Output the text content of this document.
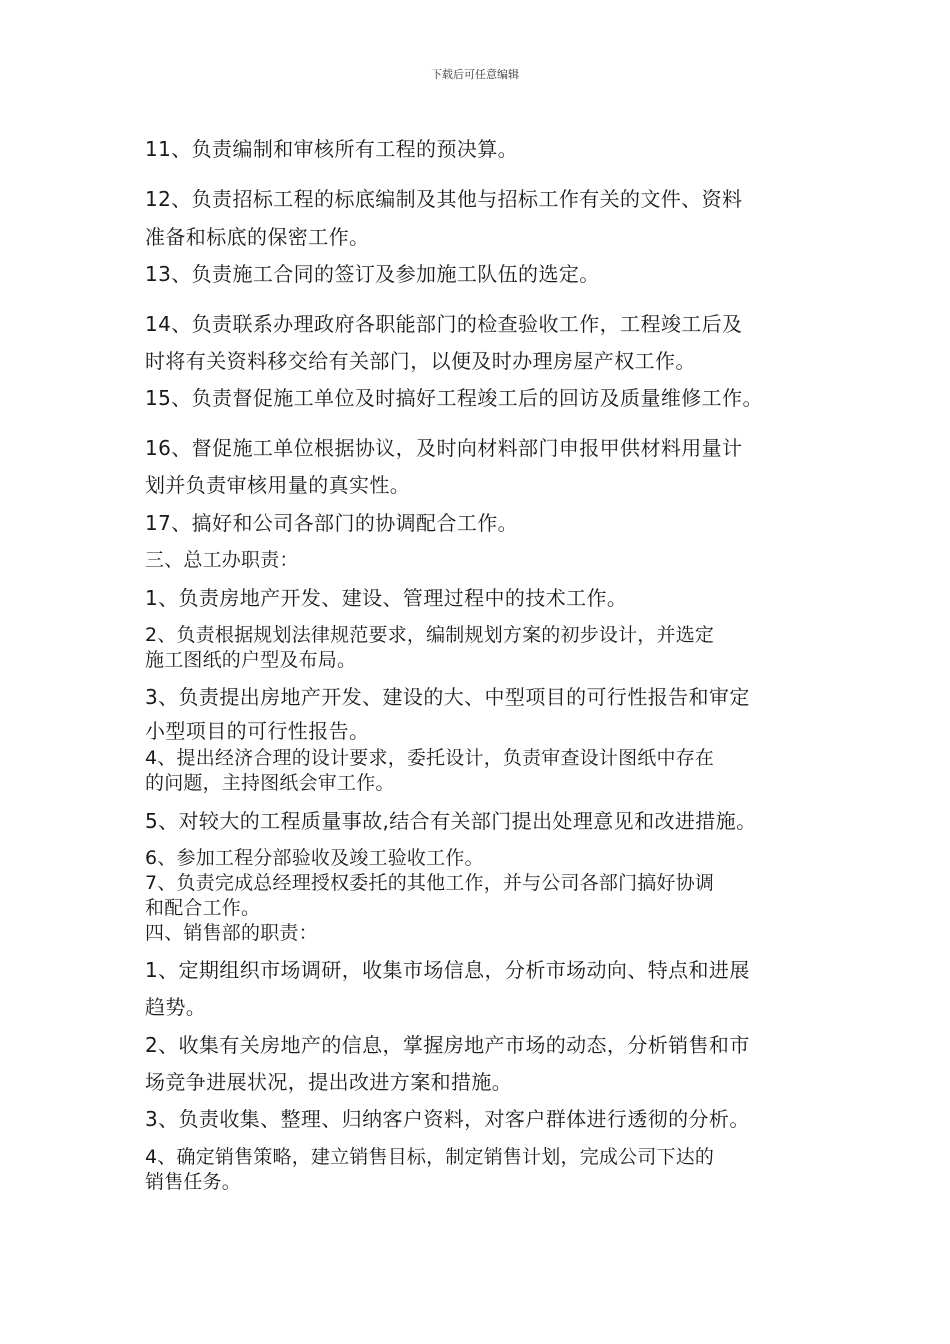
下载后可任意编辑
11、负责编制和审核所有工程的预决算。
12、负责招标工程的标底编制及其他与招标工作有关的文件、资料
准备和标底的保密工作。
13、负责施工合同的签订及参加施工队伍的选定。
14、负责联系办理政府各职能部门的检查验收工作，工程竣工后及
时将有关资料移交给有关部门，以便及时办理房屋产权工作。
15、负责督促施工单位及时搞好工程竣工后的回访及质量维修工作。
16、督促施工单位根据协议，及时向材料部门申报甲供材料用量计
划并负责审核用量的真实性。
17、搞好和公司各部门的协调配合工作。
三、总工办职责：
1、负责房地产开发、建设、管理过程中的技术工作。
2、负责根据规划法律规范要求，编制规划方案的初步设计，并选定
施工图纸的户型及布局。
3、负责提出房地产开发、建设的大、中型项目的可行性报告和审定
小型项目的可行性报告。
4、提出经济合理的设计要求，委托设计，负责审查设计图纸中存在
的问题，主持图纸会审工作。
5、对较大的工程质量事故,结合有关部门提出处理意见和改进措施。
6、参加工程分部验收及竣工验收工作。
7、负责完成总经理授权委托的其他工作，并与公司各部门搞好协调
和配合工作。
四、销售部的职责：
1、定期组织市场调研，收集市场信息，分析市场动向、特点和进展
趋势。
2、收集有关房地产的信息，掌握房地产市场的动态，分析销售和市
场竞争进展状况，提出改进方案和措施。
3、负责收集、整理、归纳客户资料，对客户群体进行透彻的分析。
4、确定销售策略，建立销售目标，制定销售计划，完成公司下达的
销售任务。
